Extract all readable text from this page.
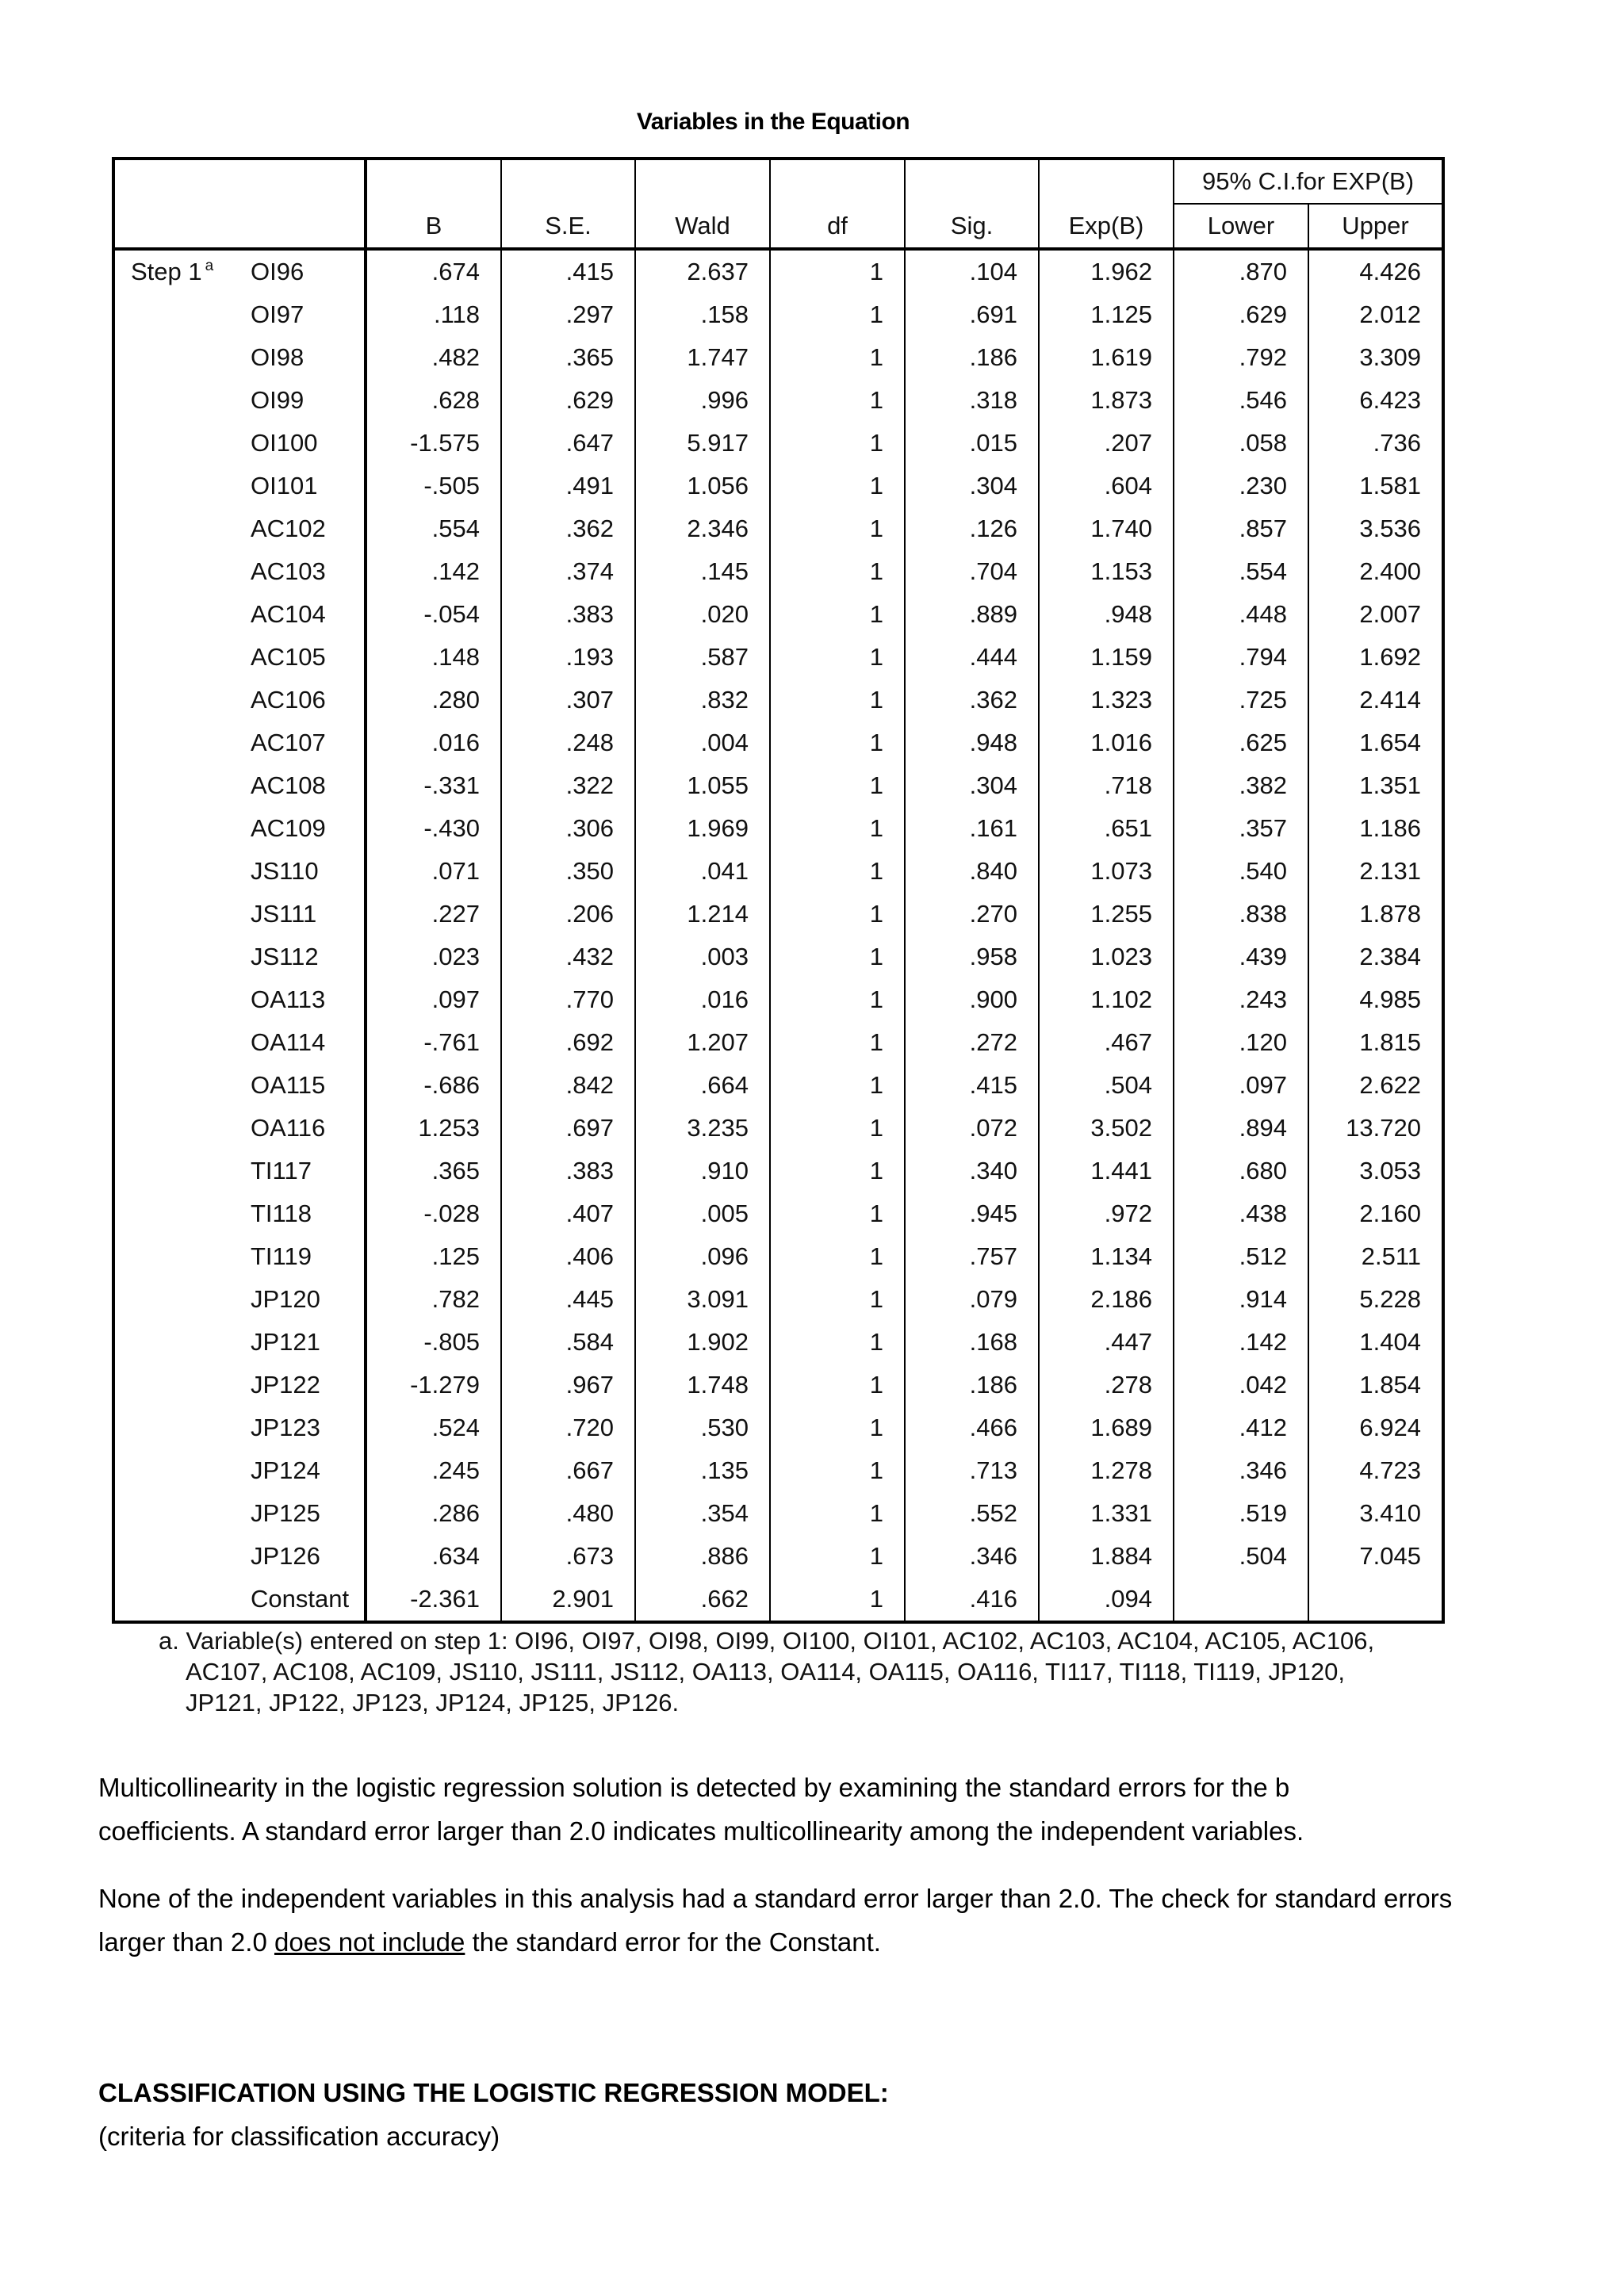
Variables in the Equation
								95% C.I.for EXP(B)	
		B	S.E.	Wald	df	Sig.	Exp(B)	Lower	Upper
Step 1 $^a$	OI96	.674	.415	2.637	1	.104	1.962	.870	4.426
	OI97	.118	.297	.158	1	.691	1.125	.629	2.012
	OI98	.482	.365	1.747	1	.186	1.619	.792	3.309
	OI99	.628	.629	.996	1	.318	1.873	.546	6.423
	OI100	-1.575	.647	5.917	1	.015	.207	.058	.736
	OI101	-.505	.491	1.056	1	.304	.604	.230	1.581
	AC102	.554	.362	2.346	1	.126	1.740	.857	3.536
	AC103	.142	.374	.145	1	.704	1.153	.554	2.400
	AC104	-.054	.383	.020	1	.889	.948	.448	2.007
	AC105	.148	.193	.587	1	.444	1.159	.794	1.692
	AC106	.280	.307	.832	1	.362	1.323	.725	2.414
	AC107	.016	.248	.004	1	.948	1.016	.625	1.654
	AC108	-.331	.322	1.055	1	.304	.718	.382	1.351
	AC109	-.430	.306	1.969	1	.161	.651	.357	1.186
	JS110	.071	.350	.041	1	.840	1.073	.540	2.131
	JS111	.227	.206	1.214	1	.270	1.255	.838	1.878
	JS112	.023	.432	.003	1	.958	1.023	.439	2.384
	OA113	.097	.770	.016	1	.900	1.102	.243	4.985
	OA114	-.761	.692	1.207	1	.272	.467	.120	1.815
	OA115	-.686	.842	.664	1	.415	.504	.097	2.622
	OA116	1.253	.697	3.235	1	.072	3.502	.894	13.720
	TI117	.365	.383	.910	1	.340	1.441	.680	3.053
	TI118	-.028	.407	.005	1	.945	.972	.438	2.160
	TI119	.125	.406	.096	1	.757	1.134	.512	2.511
	JP120	.782	.445	3.091	1	.079	2.186	.914	5.228
	JP121	-.805	.584	1.902	1	.168	.447	.142	1.404
	JP122	-1.279	.967	1.748	1	.186	.278	.042	1.854
	JP123	.524	.720	.530	1	.466	1.689	.412	6.924
	JP124	.245	.667	.135	1	.713	1.278	.346	4.723
	JP125	.286	.480	.354	1	.552	1.331	.519	3.410
	JP126	.634	.673	.886	1	.346	1.884	.504	7.045
	Constant	-2.361	2.901	.662	1	.416	.094		
a. Variable(s) entered on step 1: OI96, OI97, OI98, OI99, OI100, OI101, AC102, AC103, AC104, AC105, AC106,
AC107, AC108, AC109, JS110, JS111, JS112, OA113, OA114, OA115, OA116, TI117, TI118, TI119, JP120,
JP121, JP122, JP123, JP124, JP125, JP126.
Multicollinearity in the logistic regression solution is detected by examining the standard errors for the b
coefficients. A standard error larger than 2.0 indicates multicollinearity among the independent variables.
None of the independent variables in this analysis had a standard error larger than 2.0. The check for standard errors
larger than 2.0 does not include the standard error for the Constant.
CLASSIFICATION USING THE LOGISTIC REGRESSION MODEL:
(criteria for classification accuracy)
